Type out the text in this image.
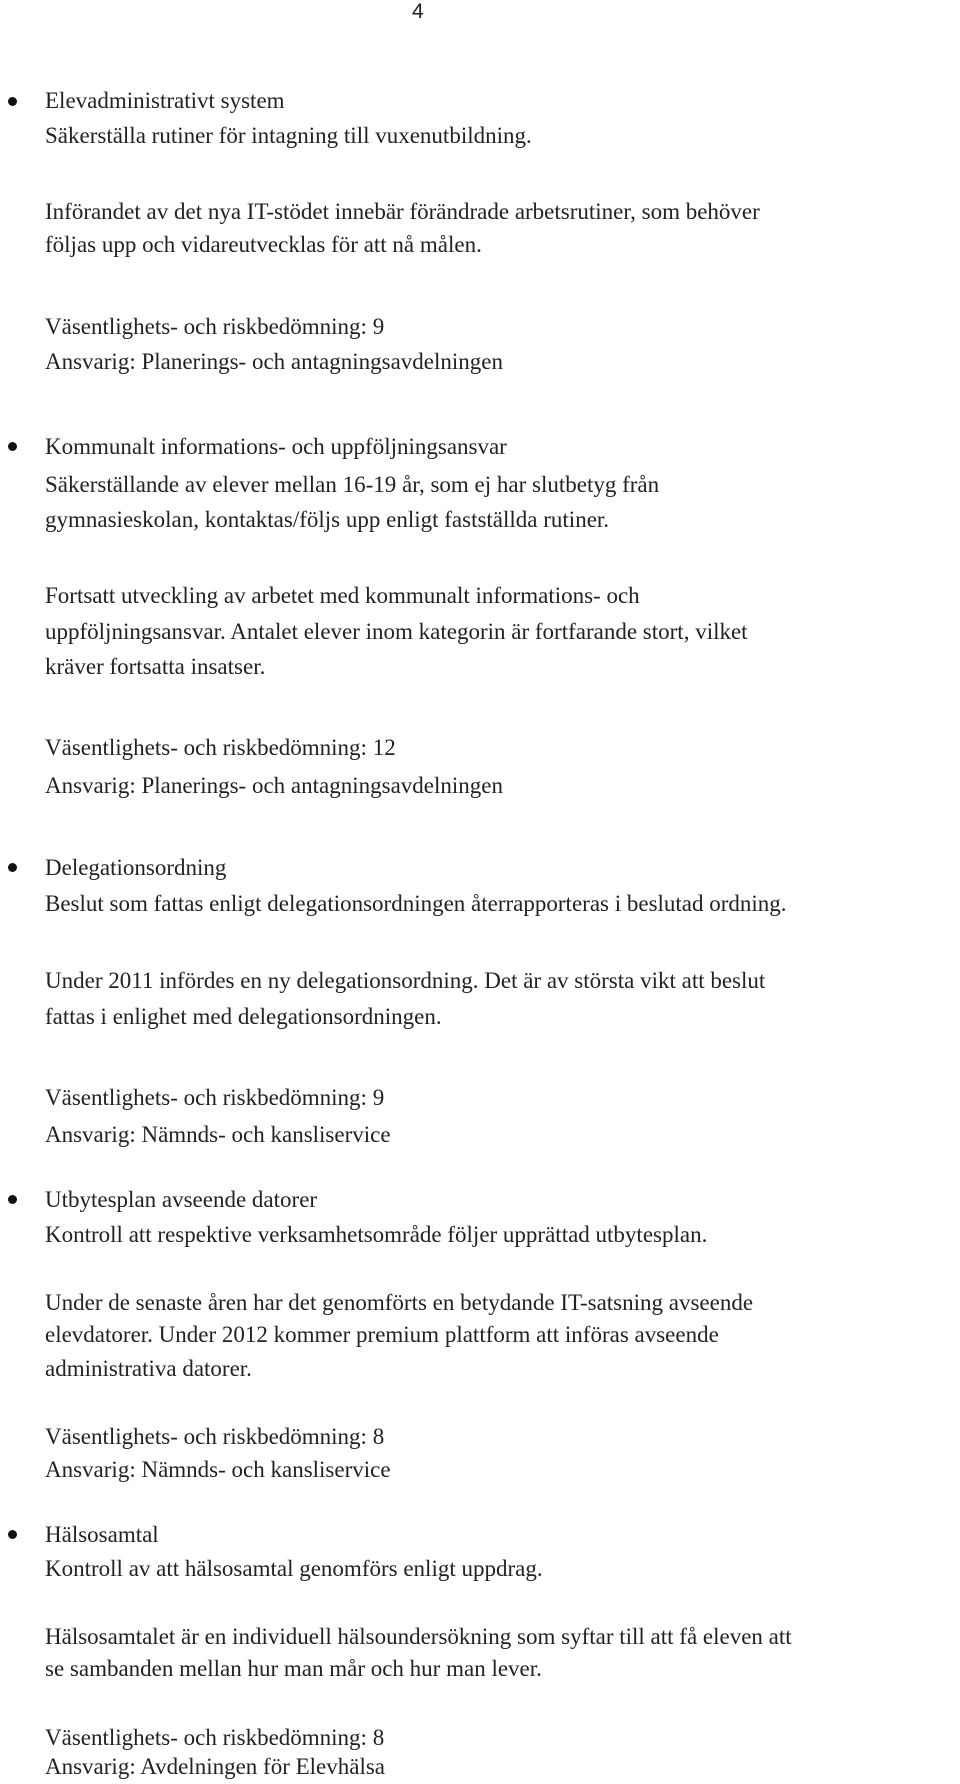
4
Elevadministrativt system
Säkerställa rutiner för intagning till vuxenutbildning.
Införandet av det nya IT-stödet innebär förändrade arbetsrutiner, som behöver
följas upp och vidareutvecklas för att nå målen.
Väsentlighets- och riskbedömning: 9
Ansvarig: Planerings- och antagningsavdelningen
Kommunalt informations- och uppföljningsansvar
Säkerställande av elever mellan 16-19 år, som ej har slutbetyg från
gymnasieskolan, kontaktas/följs upp enligt fastställda rutiner.
Fortsatt utveckling av arbetet med kommunalt informations- och
uppföljningsansvar. Antalet elever inom kategorin är fortfarande stort, vilket
kräver fortsatta insatser.
Väsentlighets- och riskbedömning: 12
Ansvarig: Planerings- och antagningsavdelningen
Delegationsordning
Beslut som fattas enligt delegationsordningen återrapporteras i beslutad ordning.
Under 2011 infördes en ny delegationsordning. Det är av största vikt att beslut
fattas i enlighet med delegationsordningen.
Väsentlighets- och riskbedömning: 9
Ansvarig: Nämnds- och kansliservice
Utbytesplan avseende datorer
Kontroll att respektive verksamhetsområde följer upprättad utbytesplan.
Under de senaste åren har det genomförts en betydande IT-satsning avseende
elevdatorer. Under 2012 kommer premium plattform att införas avseende
administrativa datorer.
Väsentlighets- och riskbedömning: 8
Ansvarig: Nämnds- och kansliservice
Hälsosamtal
Kontroll av att hälsosamtal genomförs enligt uppdrag.
Hälsosamtalet är en individuell hälsoundersökning som syftar till att få eleven att
se sambanden mellan hur man mår och hur man lever.
Väsentlighets- och riskbedömning: 8
Ansvarig: Avdelningen för Elevhälsa
